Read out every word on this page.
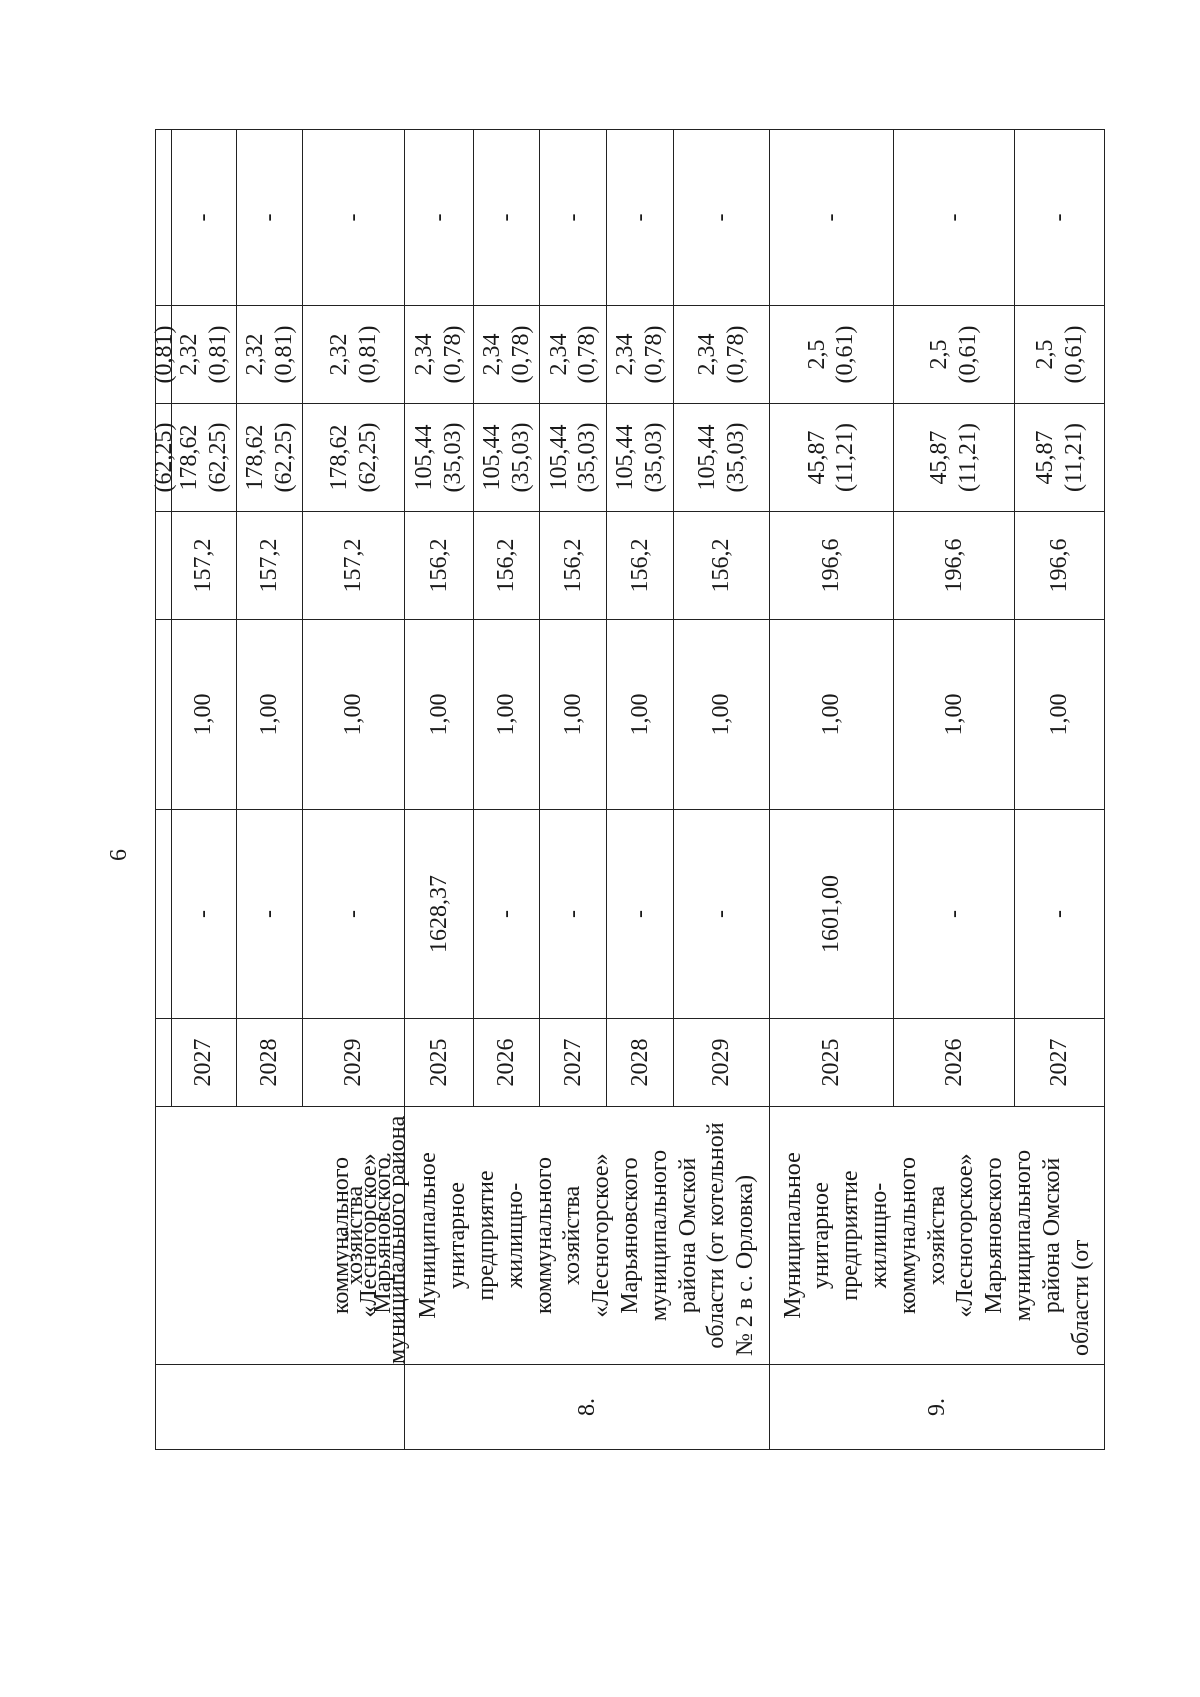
6
	коммунального хозяйства «Лесногорское» Марьяновского муниципального района					(62,25)	(0,81)	
		2027	-	1,00	157,2	178,62 (62,25)	2,32 (0,81)	-
		2028	-	1,00	157,2	178,62 (62,25)	2,32 (0,81)	-
		2029	-	1,00	157,2	178,62 (62,25)	2,32 (0,81)	-
8.	Муниципальное унитарное предприятие жилищно-коммунального хозяйства «Лесногорское» Марьяновского муниципального района Омской области (от котельной № 2 в с. Орловка)	2025	1628,37	1,00	156,2	105,44 (35,03)	2,34 (0,78)	-
		2026	-	1,00	156,2	105,44 (35,03)	2,34 (0,78)	-
		2027	-	1,00	156,2	105,44 (35,03)	2,34 (0,78)	-
		2028	-	1,00	156,2	105,44 (35,03)	2,34 (0,78)	-
		2029	-	1,00	156,2	105,44 (35,03)	2,34 (0,78)	-
9.	Муниципальное унитарное предприятие жилищно-коммунального хозяйства «Лесногорское» Марьяновского муниципального района Омской области (от	2025	1601,00	1,00	196,6	45,87 (11,21)	2,5 (0,61)	-
		2026	-	1,00	196,6	45,87 (11,21)	2,5 (0,61)	-
		2027	-	1,00	196,6	45,87 (11,21)	2,5 (0,61)	-
